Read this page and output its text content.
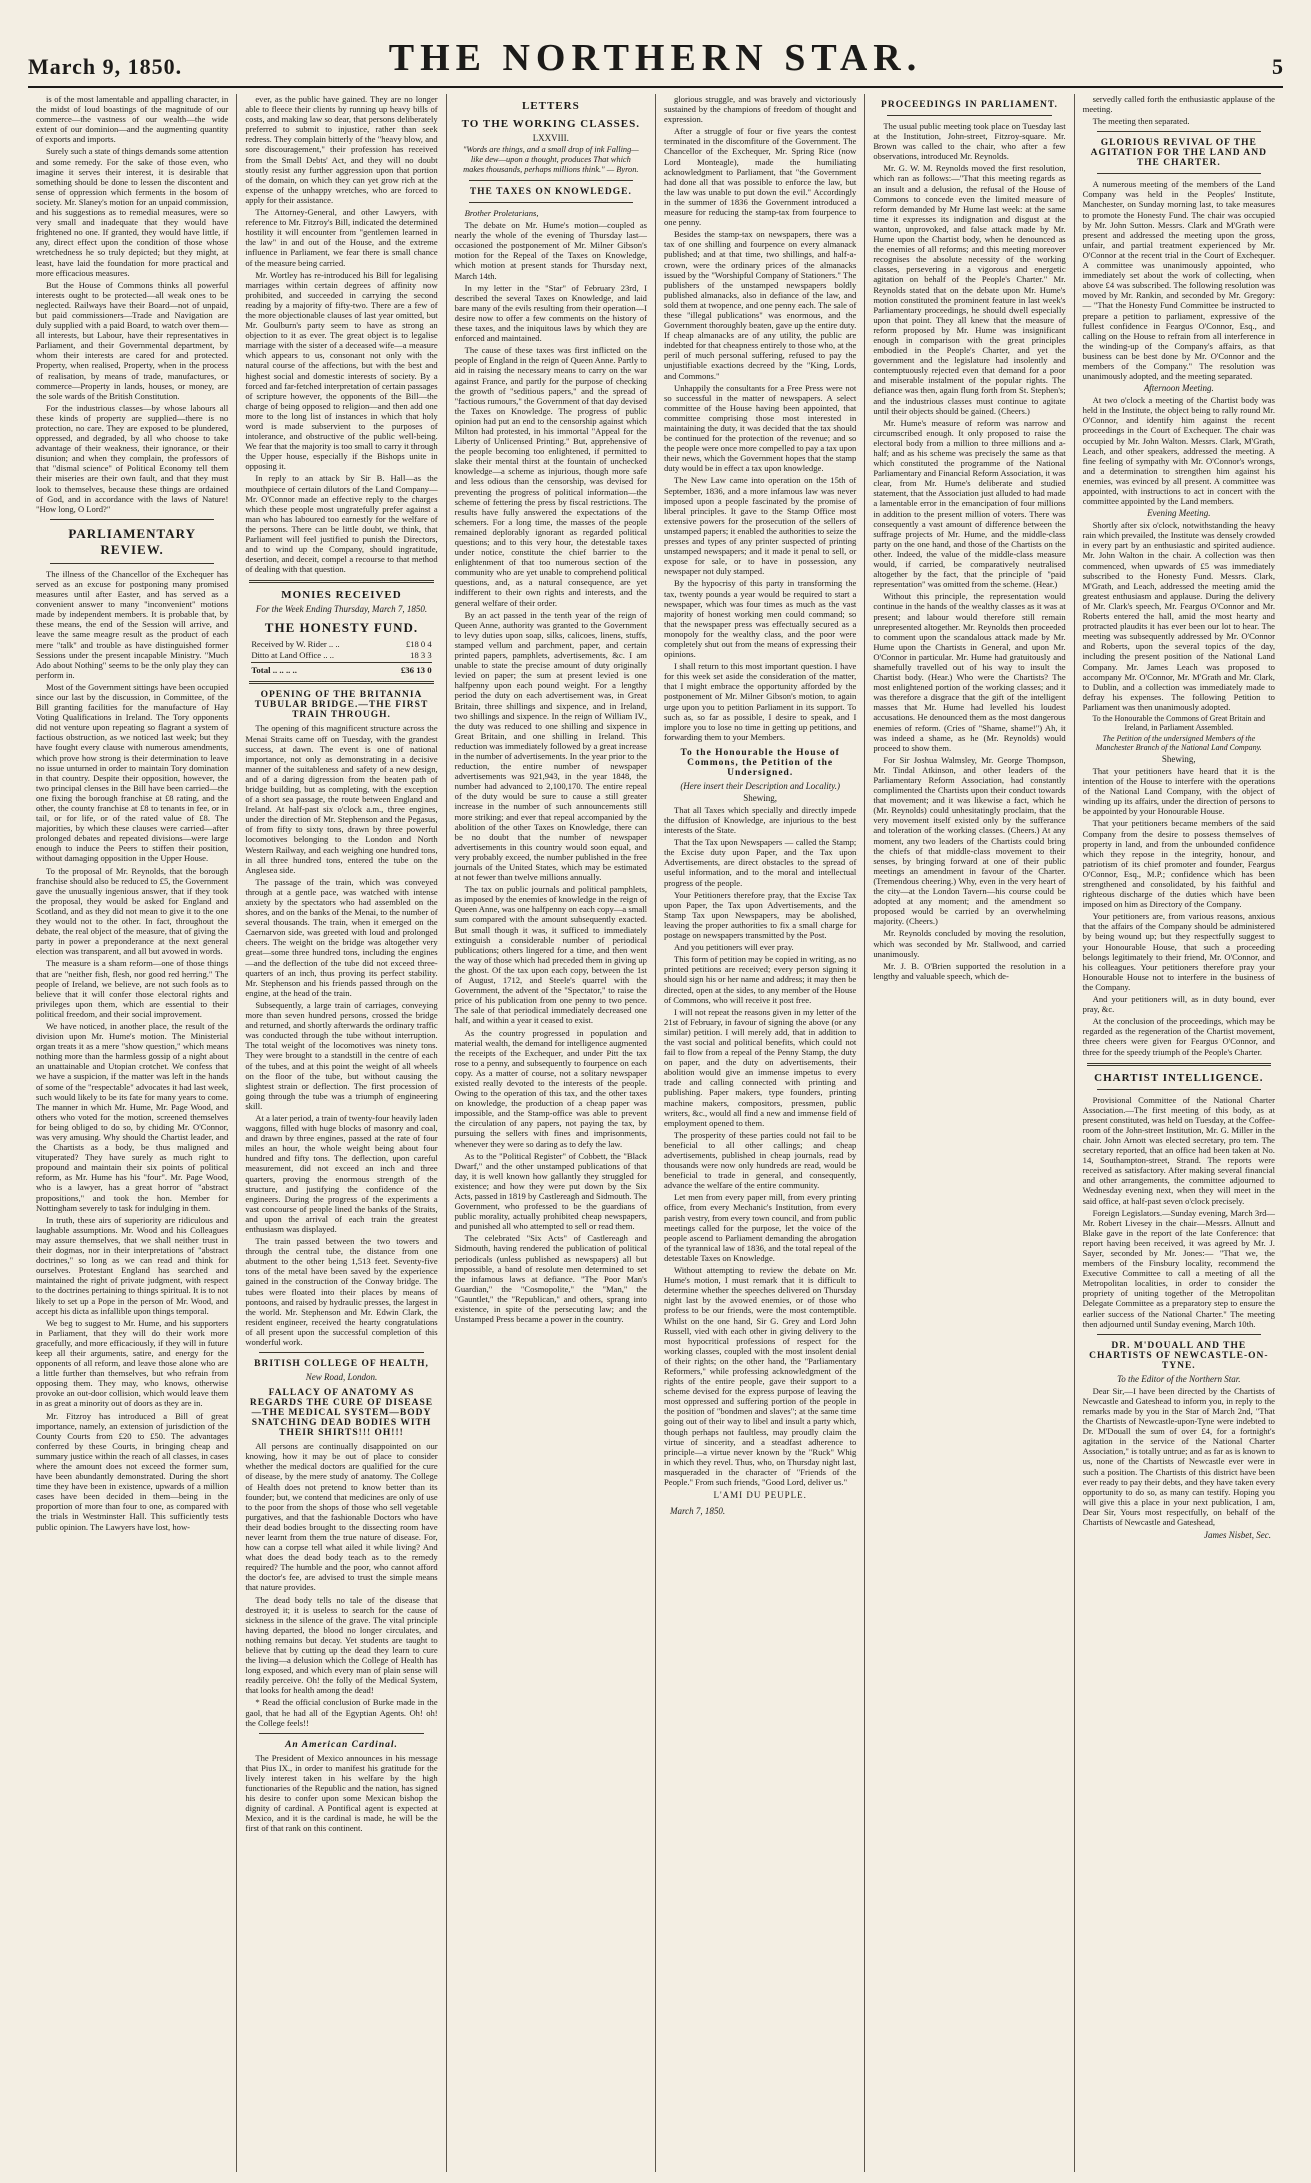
March 9, 1850.	THE NORTHERN STAR.	5

is of the most lamentable and appalling character, in the midst of loud boastings of the magnitude of our commerce—the vastness of our wealth—the wide extent of our dominion—and the augmenting quantity of exports and imports.

Surely such a state of things demands some attention and some remedy. For the sake of those even, who imagine it serves their interest, it is desirable that something should be done to lessen the discontent and sense of oppression which ferments in the bosom of society. Mr. Slaney's motion for an unpaid commission, and his suggestions as to remedial measures, were so very small and inadequate that they would have frightened no one. If granted, they would have little, if any, direct effect upon the condition of those whose wretchedness he so truly depicted; but they might, at least, have laid the foundation for more practical and more efficacious measures.

But the House of Commons thinks all powerful interests ought to be protected—all weak ones to be neglected. Railways have their Board—not of unpaid, but paid commissioners—Trade and Navigation are duly supplied with a paid Board, to watch over them—all interests, but Labour, have their representatives in Parliament, and their Governmental department, by whom their interests are cared for and protected. Property, when realised, Property, when in the process of realisation, by means of trade, manufactures, or commerce—Property in lands, houses, or money, are the sole wards of the British Constitution.

For the industrious classes—by whose labours all these kinds of property are supplied—there is no protection, no care. They are exposed to be plundered, oppressed, and degraded, by all who choose to take advantage of their weakness, their ignorance, or their disunion; and when they complain, the professors of that "dismal science" of Political Economy tell them their miseries are their own fault, and that they must look to themselves, because these things are ordained of God, and in accordance with the laws of Nature! "How long, O Lord?"

PARLIAMENTARY REVIEW.

The illness of the Chancellor of the Exchequer has served as an excuse for postponing many promised measures until after Easter, and has served as a convenient answer to many "inconvenient" motions made by independent members. It is probable that, by these means, the end of the Session will arrive, and leave the same meagre result as the product of each mere "talk" and trouble as have distinguished former Sessions under the present incapable Ministry. "Much Ado about Nothing" seems to be the only play they can perform in.

Most of the Government sittings have been occupied since our last by the discussion, in Committee, of the Bill granting facilities for the manufacture of Hay Voting Qualifications in Ireland. The Tory opponents did not venture upon repeating so flagrant a system of factious obstruction, as we noticed last week; but they have fought every clause with numerous amendments, which prove how strong is their determination to leave no issue unturned in order to maintain Tory domination in that country. Despite their opposition, however, the two principal clenses in the Bill have been carried—the one fixing the borough franchise at £8 rating, and the other, the county franchise at £8 to tenants in fee, or in tail, or for life, or of the rated value of £8. The majorities, by which these clauses were carried—after prolonged debates and repeated divisions—were large enough to induce the Peers to stiffen their position, without damaging opposition in the Upper House.

To the proposal of Mr. Reynolds, that the borough franchise should also be reduced to £5, the Government gave the unusually ingenious answer, that if they took the proposal, they would be asked for England and Scotland, and as they did not mean to give it to the one they would not to the other. In fact, throughout the debate, the real object of the measure, that of giving the party in power a preponderance at the next general election was transparent, and all but avowed in words.

The measure is a sham reform—one of those things that are "neither fish, flesh, nor good red herring." The people of Ireland, we believe, are not such fools as to believe that it will confer those electoral rights and privileges upon them, which are essential to their political freedom, and their social improvement.

We have noticed, in another place, the result of the division upon Mr. Hume's motion. The Ministerial organ treats it as a mere "show question," which means nothing more than the harmless gossip of a night about an unattainable and Utopian crotchet. We confess that we have a suspicion, if the matter was left in the hands of some of the "respectable" advocates it had last week, such would likely to be its fate for many years to come. The manner in which Mr. Hume, Mr. Page Wood, and others who voted for the motion, screened themselves for being obliged to do so, by chiding Mr. O'Connor, was very amusing. Why should the Chartist leader, and the Chartists as a body, be thus maligned and vituperated? They have surely as much right to propound and maintain their six points of political reform, as Mr. Hume has his "four". Mr. Page Wood, who is a lawyer, has a great horror of "abstract propositions," and took the hon. Member for Nottingham severely to task for indulging in them.

In truth, these airs of superiority are ridiculous and laughable assumptions. Mr. Wood and his Colleagues may assure themselves, that we shall neither trust in their dogmas, nor in their interpretations of "abstract doctrines," so long as we can read and think for ourselves. Protestant England has searched and maintained the right of private judgment, with respect to the doctrines pertaining to things spiritual. It is to not likely to set up a Pope in the person of Mr. Wood, and accept his dicta as infallible upon things temporal.

We beg to suggest to Mr. Hume, and his supporters in Parliament, that they will do their work more gracefully, and more efficaciously, if they will in future keep all their arguments, satire, and energy for the opponents of all reform, and leave those alone who are a little further than themselves, but who refrain from opposing them. They may, who knows, otherwise provoke an out-door collision, which would leave them in as great a minority out of doors as they are in.

Mr. Fitzroy has introduced a Bill of great importance, namely, an extension of jurisdiction of the County Courts from £20 to £50. The advantages conferred by these Courts, in bringing cheap and summary justice within the reach of all classes, in cases where the amount does not exceed the former sum, have been abundantly demonstrated. During the short time they have been in existence, upwards of a million cases have been decided in them—being in the proportion of more than four to one, as compared with the trials in Westminster Hall. This sufficiently tests public opinion. The Lawyers have lost, how-

ever, as the public have gained. They are no longer able to fleece their clients by running up heavy bills of costs, and making law so dear, that persons deliberately preferred to submit to injustice, rather than seek redress. They complain bitterly of the "heavy blow, and sore discouragement," their profession has received from the Small Debts' Act, and they will no doubt stoutly resist any further aggression upon that portion of the domain, on which they can yet grow rich at the expense of the unhappy wretches, who are forced to apply for their assistance.

The Attorney-General, and other Lawyers, with reference to Mr. Fitzroy's Bill, indicated the determined hostility it will encounter from "gentlemen learned in the law" in and out of the House, and the extreme influence in Parliament, we fear there is small chance of the measure being carried.

Mr. Wortley has re-introduced his Bill for legalising marriages within certain degrees of affinity now prohibited, and succeeded in carrying the second reading by a majority of fifty-two. There are a few of the more objectionable clauses of last year omitted, but Mr. Goulburn's party seem to have as strong an objection to it as ever. The great object is to legalise marriage with the sister of a deceased wife—a measure which appears to us, consonant not only with the natural course of the affections, but with the best and highest social and domestic interests of society. By a forced and far-fetched interpretation of certain passages of scripture however, the opponents of the Bill—the charge of being opposed to religion—and then add one more to the long list of instances in which that holy word is made subservient to the purposes of intolerance, and obstructive of the public well-being. We fear that the majority is too small to carry it through the Upper house, especially if the Bishops unite in opposing it.

In reply to an attack by Sir B. Hall—as the mouthpiece of certain dilutors of the Land Company—Mr. O'Connor made an effective reply to the charges which these people most ungratefully prefer against a man who has laboured too earnestly for the welfare of the persons. There can be little doubt, we think, that Parliament will feel justified to punish the Directors, and to wind up the Company, should ingratitude, desertion, and deceit, compel a recourse to that method of dealing with that question.

MONIES RECEIVED
For the Week Ending Thursday, March 7, 1850.
THE HONESTY FUND.
Received by W. Rider .. ..	£18 0 4
Ditto at Land Office .. ..	18 3 3
Total .. .. .. ..	£36 13 0
OPENING OF THE BRITANNIA TUBULAR BRIDGE.—THE FIRST TRAIN THROUGH.

The opening of this magnificent structure across the Menai Straits came off on Tuesday, with the grandest success, at dawn. The event is one of national importance, not only as demonstrating in a decisive manner of the suitableness and safety of a new design, and of a daring digression from the beaten path of bridge building, but as completing, with the exception of a short sea passage, the route between England and Ireland. At half-past six o'clock a.m., three engines, under the direction of Mr. Stephenson and the Pegasus, of from fifty to sixty tons, drawn by three powerful locomotives belonging to the London and North Western Railway, and each weighing one hundred tons, in all three hundred tons, entered the tube on the Anglesea side.

The passage of the train, which was conveyed through at a gentle pace, was watched with intense anxiety by the spectators who had assembled on the shores, and on the banks of the Menai, to the number of several thousands. The train, when it emerged on the Caernarvon side, was greeted with loud and prolonged cheers. The weight on the bridge was altogether very great—some three hundred tons, including the engines—and the deflection of the tube did not exceed three-quarters of an inch, thus proving its perfect stability. Mr. Stephenson and his friends passed through on the engine, at the head of the train.

Subsequently, a large train of carriages, conveying more than seven hundred persons, crossed the bridge and returned, and shortly afterwards the ordinary traffic was conducted through the tube without interruption. The total weight of the locomotives was ninety tons. They were brought to a standstill in the centre of each of the tubes, and at this point the weight of all wheels on the floor of the tube, but without causing the slightest strain or deflection. The first procession of going through the tube was a triumph of engineering skill.

At a later period, a train of twenty-four heavily laden waggons, filled with huge blocks of masonry and coal, and drawn by three engines, passed at the rate of four miles an hour, the whole weight being about four hundred and fifty tons. The deflection, upon careful measurement, did not exceed an inch and three quarters, proving the enormous strength of the structure, and justifying the confidence of the engineers. During the progress of the experiments a vast concourse of people lined the banks of the Straits, and upon the arrival of each train the greatest enthusiasm was displayed.

The train passed between the two towers and through the central tube, the distance from one abutment to the other being 1,513 feet. Seventy-five tons of the metal have been saved by the experience gained in the construction of the Conway bridge. The tubes were floated into their places by means of pontoons, and raised by hydraulic presses, the largest in the world. Mr. Stephenson and Mr. Edwin Clark, the resident engineer, received the hearty congratulations of all present upon the successful completion of this wonderful work.

BRITISH COLLEGE OF HEALTH,
New Road, London.
FALLACY OF ANATOMY AS REGARDS THE CURE OF DISEASE—THE MEDICAL SYSTEM—BODY SNATCHING DEAD BODIES WITH THEIR SHIRTS!!! OH!!!

All persons are continually disappointed on our knowing, how it may be out of place to consider whether the medical doctors are qualified for the cure of disease, by the mere study of anatomy. The College of Health does not pretend to know better than its founder; but, we contend that medicines are only of use to the poor from the shops of those who sell vegetable purgatives, and that the fashionable Doctors who have their dead bodies brought to the dissecting room have never learnt from them the true nature of disease. For, how can a corpse tell what ailed it while living? And what does the dead body teach as to the remedy required? The humble and the poor, who cannot afford the doctor's fee, are advised to trust the simple means that nature provides.

The dead body tells no tale of the disease that destroyed it; it is useless to search for the cause of sickness in the silence of the grave. The vital principle having departed, the blood no longer circulates, and nothing remains but decay. Yet students are taught to believe that by cutting up the dead they learn to cure the living—a delusion which the College of Health has long exposed, and which every man of plain sense will readily perceive. Oh! the folly of the Medical System, that looks for health among the dead!

* Read the official conclusion of Burke made in the gaol, that he had all of the Egyptian Agents. Oh! oh! the College feels!!

An American Cardinal.

The President of Mexico announces in his message that Pius IX., in order to manifest his gratitude for the lively interest taken in his welfare by the high functionaries of the Republic and the nation, has signed his desire to confer upon some Mexican bishop the dignity of cardinal. A Pontifical agent is expected at Mexico, and it is the cardinal is made, he will be the first of that rank on this continent.

LETTERS
TO THE WORKING CLASSES.
LXXVIII.
"Words are things, and a small drop of ink Falling—like dew—upon a thought, produces That which makes thousands, perhaps millions think." — Byron.
THE TAXES ON KNOWLEDGE.

Brother Proletarians,

The debate on Mr. Hume's motion—coupled as nearly the whole of the evening of Thursday last—occasioned the postponement of Mr. Milner Gibson's motion for the Repeal of the Taxes on Knowledge, which motion at present stands for Thursday next, March 14th.

In my letter in the "Star" of February 23rd, I described the several Taxes on Knowledge, and laid bare many of the evils resulting from their operation—I desire now to offer a few comments on the history of these taxes, and the iniquitous laws by which they are enforced and maintained.

The cause of these taxes was first inflicted on the people of England in the reign of Queen Anne. Partly to aid in raising the necessary means to carry on the war against France, and partly for the purpose of checking the growth of "seditious papers," and the spread of "factious rumours," the Government of that day devised the Taxes on Knowledge. The progress of public opinion had put an end to the censorship against which Milton had protested, in his immortal "Appeal for the Liberty of Unlicensed Printing." But, apprehensive of the people becoming too enlightened, if permitted to slake their mental thirst at the fountain of unchecked knowledge—a scheme as injurious, though more safe and less odious than the censorship, was devised for preventing the progress of political information—the scheme of fettering the press by fiscal restrictions. The results have fully answered the expectations of the schemers. For a long time, the masses of the people remained deplorably ignorant as regarded political questions; and to this very hour, the detestable taxes under notice, constitute the chief barrier to the enlightenment of that too numerous section of the community who are yet unable to comprehend political questions, and, as a natural consequence, are yet indifferent to their own rights and interests, and the general welfare of their order.

By an act passed in the tenth year of the reign of Queen Anne, authority was granted to the Government to levy duties upon soap, silks, calicoes, linens, stuffs, stamped vellum and parchment, paper, and certain printed papers, pamphlets, advertisements, &c. I am unable to state the precise amount of duty originally levied on paper; the sum at present levied is one halfpenny upon each pound weight. For a lengthy period the duty on each advertisement was, in Great Britain, three shillings and sixpence, and in Ireland, two shillings and sixpence. In the reign of William IV., the duty was reduced to one shilling and sixpence in Great Britain, and one shilling in Ireland. This reduction was immediately followed by a great increase in the number of advertisements. In the year prior to the reduction, the entire number of newspaper advertisements was 921,943, in the year 1848, the number had advanced to 2,100,170. The entire repeal of the duty would be sure to cause a still greater increase in the number of such announcements still more striking; and ever that repeal accompanied by the abolition of the other Taxes on Knowledge, there can be no doubt that the number of newspaper advertisements in this country would soon equal, and very probably exceed, the number published in the free journals of the United States, which may be estimated at not fewer than twelve millions annually.

The tax on public journals and political pamphlets, as imposed by the enemies of knowledge in the reign of Queen Anne, was one halfpenny on each copy—a small sum compared with the amount subsequently exacted. But small though it was, it sufficed to immediately extinguish a considerable number of periodical publications; others lingered for a time, and then went the way of those which had preceded them in giving up the ghost. Of the tax upon each copy, between the 1st of August, 1712, and Steele's quarrel with the Government, the advent of the "Spectator," to raise the price of his publication from one penny to two pence. The sale of that periodical immediately decreased one half, and within a year it ceased to exist.

As the country progressed in population and material wealth, the demand for intelligence augmented the receipts of the Exchequer, and under Pitt the tax rose to a penny, and subsequently to fourpence on each copy. As a matter of course, not a solitary newspaper existed really devoted to the interests of the people. Owing to the operation of this tax, and the other taxes on knowledge, the production of a cheap paper was impossible, and the Stamp-office was able to prevent the circulation of any papers, not paying the tax, by pursuing the sellers with fines and imprisonments, whenever they were so daring as to defy the law.

As to the "Political Register" of Cobbett, the "Black Dwarf," and the other unstamped publications of that day, it is well known how gallantly they struggled for existence; and how they were put down by the Six Acts, passed in 1819 by Castlereagh and Sidmouth. The Government, who professed to be the guardians of public morality, actually prohibited cheap newspapers, and punished all who attempted to sell or read them.

The celebrated "Six Acts" of Castlereagh and Sidmouth, having rendered the publication of political periodicals (unless published as newspapers) all but impossible, a band of resolute men determined to set the infamous laws at defiance. "The Poor Man's Guardian," the "Cosmopolite," the "Man," the "Gauntlet," the "Republican," and others, sprang into existence, in spite of the persecuting law; and the Unstamped Press became a power in the country.

glorious struggle, and was bravely and victoriously sustained by the champions of freedom of thought and expression.

After a struggle of four or five years the contest terminated in the discomfiture of the Government. The Chancellor of the Exchequer, Mr. Spring Rice (now Lord Monteagle), made the humiliating acknowledgment to Parliament, that "the Government had done all that was possible to enforce the law, but the law was unable to put down the evil." Accordingly in the summer of 1836 the Government introduced a measure for reducing the stamp-tax from fourpence to one penny.

Besides the stamp-tax on newspapers, there was a tax of one shilling and fourpence on every almanack published; and at that time, two shillings, and half-a-crown, were the ordinary prices of the almanacks issued by the "Worshipful Company of Stationers." The publishers of the unstamped newspapers boldly published almanacks, also in defiance of the law, and sold them at twopence, and one penny each. The sale of these "illegal publications" was enormous, and the Government thoroughly beaten, gave up the entire duty. If cheap almanacks are of any utility, the public are indebted for that cheapness entirely to those who, at the peril of much personal suffering, refused to pay the unjustifiable exactions decreed by the "King, Lords, and Commons."

Unhappily the consultants for a Free Press were not so successful in the matter of newspapers. A select committee of the House having been appointed, that committee comprising those most interested in maintaining the duty, it was decided that the tax should be continued for the protection of the revenue; and so the people were once more compelled to pay a tax upon their news, which the Government hopes that the stamp duty would be in effect a tax upon knowledge.

The New Law came into operation on the 15th of September, 1836, and a more infamous law was never imposed upon a people fascinated by the promise of liberal principles. It gave to the Stamp Office most extensive powers for the prosecution of the sellers of unstamped papers; it enabled the authorities to seize the presses and types of any printer suspected of printing unstamped newspapers; and it made it penal to sell, or expose for sale, or to have in possession, any newspaper not duly stamped.

By the hypocrisy of this party in transforming the tax, twenty pounds a year would be required to start a newspaper, which was four times as much as the vast majority of honest working men could command; so that the newspaper press was effectually secured as a monopoly for the wealthy class, and the poor were completely shut out from the means of expressing their opinions.

I shall return to this most important question. I have for this week set aside the consideration of the matter, that I might embrace the opportunity afforded by the postponement of Mr. Milner Gibson's motion, to again urge upon you to petition Parliament in its support. To such as, so far as possible, I desire to speak, and I implore you to lose no time in getting up petitions, and forwarding them to your Members.

To the Honourable the House of Commons, the Petition of the Undersigned.
(Here insert their Description and Locality.)
Shewing,

That all Taxes which specially and directly impede the diffusion of Knowledge, are injurious to the best interests of the State.

That the Tax upon Newspapers — called the Stamp; the Excise duty upon Paper, and the Tax upon Advertisements, are direct obstacles to the spread of useful information, and to the moral and intellectual progress of the people.

Your Petitioners therefore pray, that the Excise Tax upon Paper, the Tax upon Advertisements, and the Stamp Tax upon Newspapers, may be abolished, leaving the proper authorities to fix a small charge for postage on newspapers transmitted by the Post.

And you petitioners will ever pray.

This form of petition may be copied in writing, as no printed petitions are received; every person signing it should sign his or her name and address; it may then be directed, open at the sides, to any member of the House of Commons, who will receive it post free.

I will not repeat the reasons given in my letter of the 21st of February, in favour of signing the above (or any similar) petition. I will merely add, that in addition to the vast social and political benefits, which could not fail to flow from a repeal of the Penny Stamp, the duty on paper, and the duty on advertisements, their abolition would give an immense impetus to every trade and calling connected with printing and publishing. Paper makers, type founders, printing machine makers, compositors, pressmen, public writers, &c., would all find a new and immense field of employment opened to them.

The prosperity of these parties could not fail to be beneficial to all other callings; and cheap advertisements, published in cheap journals, read by thousands were now only hundreds are read, would be beneficial to trade in general, and consequently, advance the welfare of the entire community.

Let men from every paper mill, from every printing office, from every Mechanic's Institution, from every parish vestry, from every town council, and from public meetings called for the purpose, let the voice of the people ascend to Parliament demanding the abrogation of the tyrannical law of 1836, and the total repeal of the detestable Taxes on Knowledge.

Without attempting to review the debate on Mr. Hume's motion, I must remark that it is difficult to determine whether the speeches delivered on Thursday night last by the avowed enemies, or of those who profess to be our friends, were the most contemptible. Whilst on the one hand, Sir G. Grey and Lord John Russell, vied with each other in giving delivery to the most hypocritical professions of respect for the working classes, coupled with the most insolent denial of their rights; on the other hand, the "Parliamentary Reformers," while professing acknowledgment of the rights of the entire people, gave their support to a scheme devised for the express purpose of leaving the most oppressed and suffering portion of the people in the position of "bondmen and slaves"; at the same time going out of their way to libel and insult a party which, though perhaps not faultless, may proudly claim the virtue of sincerity, and a steadfast adherence to principle—a virtue never known by the "Ruck" Whig in which they revel. Thus, who, on Thursday night last, masqueraded in the character of "Friends of the People." From such friends, "Good Lord, deliver us."

L'AMI DU PEUPLE.
March 7, 1850.
PROCEEDINGS IN PARLIAMENT.

The usual public meeting took place on Tuesday last at the Institution, John-street, Fitzroy-square. Mr. Brown was called to the chair, who after a few observations, introduced Mr. Reynolds.

Mr. G. W. M. Reynolds moved the first resolution, which ran as follows:—"That this meeting regards as an insult and a delusion, the refusal of the House of Commons to concede even the limited measure of reform demanded by Mr Hume last week: at the same time it expresses its indignation and disgust at the wanton, unprovoked, and false attack made by Mr. Hume upon the Chartist body, when he denounced as the enemies of all reforms; and this meeting moreover recognises the absolute necessity of the working classes, persevering in a vigorous and energetic agitation on behalf of the People's Charter." Mr. Reynolds stated that on the debate upon Mr. Hume's motion constituted the prominent feature in last week's Parliamentary proceedings, he should dwell especially upon that point. They all knew that the measure of reform proposed by Mr. Hume was insignificant enough in comparison with the great principles embodied in the People's Charter, and yet the government and the legislature had insolently and contemptuously rejected even that demand for a poor and miserable instalment of the popular rights. The defiance was then, again flung forth from St. Stephen's; and the industrious classes must continue to agitate until their objects should be gained. (Cheers.)

Mr. Hume's measure of reform was narrow and circumscribed enough. It only proposed to raise the electoral body from a million to three millions and a-half; and as his scheme was precisely the same as that which constituted the programme of the National Parliamentary and Financial Reform Association, it was clear, from Mr. Hume's deliberate and studied statement, that the Association just alluded to had made a lamentable error in the emancipation of four millions in addition to the present million of voters. There was consequently a vast amount of difference between the suffrage projects of Mr. Hume, and the middle-class party on the one hand, and those of the Chartists on the other. Indeed, the value of the middle-class measure would, if carried, be comparatively neutralised altogether by the fact, that the principle of "paid representation" was omitted from the scheme. (Hear.)

Without this principle, the representation would continue in the hands of the wealthy classes as it was at present; and labour would therefore still remain unrepresented altogether. Mr. Reynolds then proceeded to comment upon the scandalous attack made by Mr. Hume upon the Chartists in General, and upon Mr. O'Connor in particular. Mr. Hume had gratuitously and shamefully travelled out of his way to insult the Chartist body. (Hear.) Who were the Chartists? The most enlightened portion of the working classes; and it was therefore a disgrace that the gift of the intelligent masses that Mr. Hume had levelled his loudest accusations. He denounced them as the most dangerous enemies of reform. (Cries of "Shame, shame!") Ah, it was indeed a shame, as he (Mr. Reynolds) would proceed to show them.

For Sir Joshua Walmsley, Mr. George Thompson, Mr. Tindal Atkinson, and other leaders of the Parliamentary Reform Association, had constantly complimented the Chartists upon their conduct towards that movement; and it was likewise a fact, which he (Mr. Reynolds) could unhesitatingly proclaim, that the very movement itself existed only by the sufferance and toleration of the working classes. (Cheers.) At any moment, any two leaders of the Chartists could bring the chiefs of that middle-class movement to their senses, by bringing forward at one of their public meetings an amendment in favour of the Charter. (Tremendous cheering.) Why, even in the very heart of the city—at the London Tavern—his course could be adopted at any moment; and the amendment so proposed would be carried by an overwhelming majority. (Cheers.)

Mr. Reynolds concluded by moving the resolution, which was seconded by Mr. Stallwood, and carried unanimously.

Mr. J. B. O'Brien supported the resolution in a lengthy and valuable speech, which de-

servedly called forth the enthusiastic applause of the meeting.

The meeting then separated.

GLORIOUS REVIVAL OF THE AGITATION FOR THE LAND AND THE CHARTER.

A numerous meeting of the members of the Land Company was held in the Peoples' Institute, Manchester, on Sunday morning last, to take measures to promote the Honesty Fund. The chair was occupied by Mr. John Sutton. Messrs. Clark and M'Grath were present and addressed the meeting upon the gross, unfair, and partial treatment experienced by Mr. O'Connor at the recent trial in the Court of Exchequer. A committee was unanimously appointed, who immediately set about the work of collecting, when above £4 was subscribed. The following resolution was moved by Mr. Rankin, and seconded by Mr. Gregory:— "That the Honesty Fund Committee be instructed to prepare a petition to parliament, expressive of the fullest confidence in Feargus O'Connor, Esq., and calling on the House to refrain from all interference in the winding-up of the Company's affairs, as that business can be best done by Mr. O'Connor and the members of the Company." The resolution was unanimously adopted, and the meeting separated.

Afternoon Meeting.

At two o'clock a meeting of the Chartist body was held in the Institute, the object being to rally round Mr. O'Connor, and identify him against the recent proceedings in the Court of Exchequer. The chair was occupied by Mr. John Walton. Messrs. Clark, M'Grath, Leach, and other speakers, addressed the meeting. A fine feeling of sympathy with Mr. O'Connor's wrongs, and a determination to strengthen him against his enemies, was evinced by all present. A committee was appointed, with instructions to act in concert with the committee appointed by the Land members.

Evening Meeting.

Shortly after six o'clock, notwithstanding the heavy rain which prevailed, the Institute was densely crowded in every part by an enthusiastic and spirited audience. Mr. John Walton in the chair. A collection was then commenced, when upwards of £5 was immediately subscribed to the Honesty Fund. Messrs. Clark, M'Grath, and Leach, addressed the meeting amid the greatest enthusiasm and applause. During the delivery of Mr. Clark's speech, Mr. Feargus O'Connor and Mr. Roberts entered the hall, amid the most hearty and protracted plaudits it has ever been our lot to hear. The meeting was subsequently addressed by Mr. O'Connor and Roberts, upon the several topics of the day, including the present position of the National Land Company. Mr. James Leach was proposed to accompany Mr. O'Connor, Mr. M'Grath and Mr. Clark, to Dublin, and a collection was immediately made to defray his expenses. The following Petition to Parliament was then unanimously adopted.

To the Honourable the Commons of Great Britain and Ireland, in Parliament Assembled.
The Petition of the undersigned Members of the Manchester Branch of the National Land Company.
Shewing,

That your petitioners have heard that it is the intention of the House to interfere with the operations of the National Land Company, with the object of winding up its affairs, under the direction of persons to be appointed by your Honourable House.

That your petitioners became members of the said Company from the desire to possess themselves of property in land, and from the unbounded confidence which they repose in the integrity, honour, and patriotism of its chief promoter and founder, Feargus O'Connor, Esq., M.P.; confidence which has been strengthened and consolidated, by his faithful and righteous discharge of the duties which have been imposed on him as Directory of the Company.

Your petitioners are, from various reasons, anxious that the affairs of the Company should be administered by being wound up; but they respectfully suggest to your Honourable House, that such a proceeding belongs legitimately to their friend, Mr. O'Connor, and his colleagues. Your petitioners therefore pray your Honourable House not to interfere in the business of the Company.

And your petitioners will, as in duty bound, ever pray, &c.

At the conclusion of the proceedings, which may be regarded as the regeneration of the Chartist movement, three cheers were given for Feargus O'Connor, and three for the speedy triumph of the People's Charter.

CHARTIST INTELLIGENCE.

Provisional Committee of the National Charter Association.—The first meeting of this body, as at present constituted, was held on Tuesday, at the Coffee-room of the John-street Institution, Mr. G. Miller in the chair. John Arnott was elected secretary, pro tem. The secretary reported, that an office had been taken at No. 14, Southampton-street, Strand. The reports were received as satisfactory. After making several financial and other arrangements, the committee adjourned to Wednesday evening next, when they will meet in the said office, at half-past seven o'clock precisely.

Foreign Legislators.—Sunday evening, March 3rd—Mr. Robert Livesey in the chair—Messrs. Allnutt and Blake gave in the report of the late Conference: that report having been received, it was agreed by Mr. J. Sayer, seconded by Mr. Jones:— "That we, the members of the Finsbury locality, recommend the Executive Committee to call a meeting of all the Metropolitan localities, in order to consider the propriety of uniting together of the Metropolitan Delegate Committee as a preparatory step to ensure the earlier success of the National Charter." The meeting then adjourned until Sunday evening, March 10th.

DR. M'DOUALL AND THE CHARTISTS OF NEWCASTLE-ON-TYNE.
To the Editor of the Northern Star.

Dear Sir,—I have been directed by the Chartists of Newcastle and Gateshead to inform you, in reply to the remarks made by you in the Star of March 2nd, "That the Chartists of Newcastle-upon-Tyne were indebted to Dr. M'Douall the sum of over £4, for a fortnight's agitation in the service of the National Charter Association," is totally untrue; and as far as is known to us, none of the Chartists of Newcastle ever were in such a position. The Chartists of this district have been ever ready to pay their debts, and they have taken every opportunity to do so, as many can testify. Hoping you will give this a place in your next publication, I am, Dear Sir, Yours most respectfully, on behalf of the Chartists of Newcastle and Gateshead,

James Nisbet, Sec.
